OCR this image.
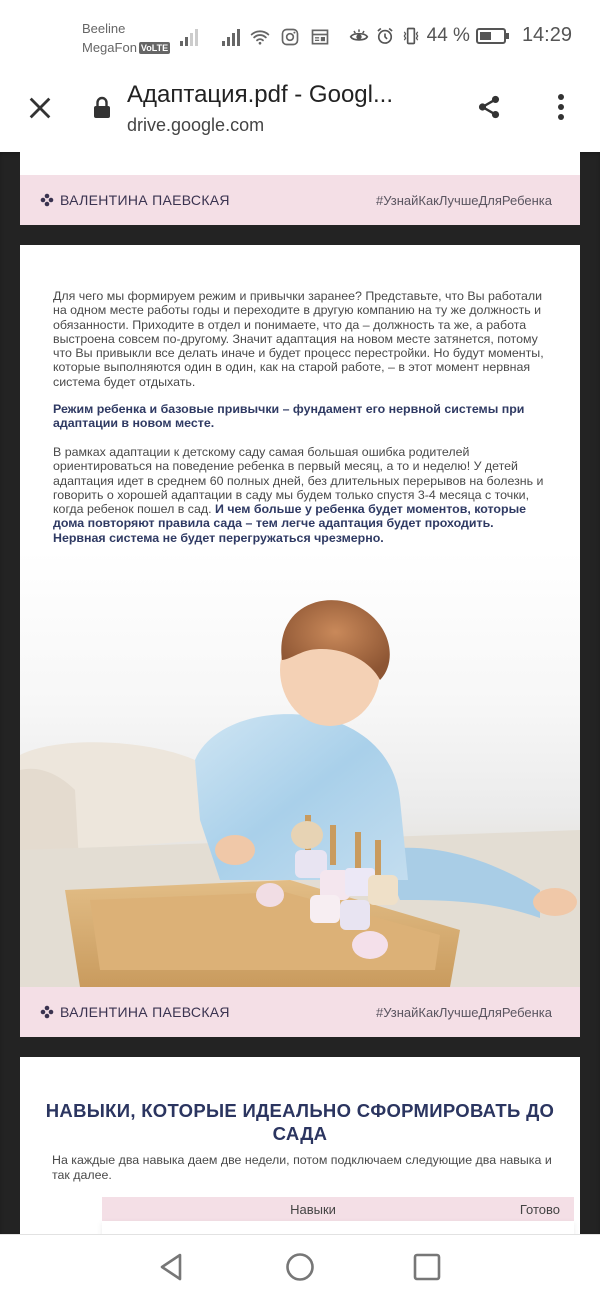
Beeline
MegaFon VoLTE
44 %	14:29
Адаптация.pdf - Googl...
drive.google.com
ВАЛЕНТИНА ПАЕВСКАЯ	#УзнайКакЛучшеДляРебенка

Для чего мы формируем режим и привычки заранее? Представьте, что Вы работали на одном месте работы годы и переходите в другую компанию на ту же должность и обязанности. Приходите в отдел и понимаете, что да – должность та же, а работа выстроена совсем по-другому. Значит адаптация на новом месте затянется, потому что Вы привыкли все делать иначе и будет процесс перестройки. Но будут моменты, которые выполняются один в один, как на старой работе, – в этот момент нервная система будет отдыхать.

Режим ребенка и базовые привычки – фундамент его нервной системы при адаптации в новом месте.

В рамках адаптации к детскому саду самая большая ошибка родителей ориентироваться на поведение ребенка в первый месяц, а то и неделю! У детей адаптация идет в среднем 60 полных дней, без длительных перерывов на болезнь и говорить о хорошей адаптации в саду мы будем только спустя 3-4 месяца с точки, когда ребенок пошел в сад. И чем больше у ребенка будет моментов, которые дома повторяют правила сада – тем легче адаптация будет проходить. Нервная система не будет перегружаться чрезмерно.

ВАЛЕНТИНА ПАЕВСКАЯ	#УзнайКакЛучшеДляРебенка
НАВЫКИ, КОТОРЫЕ ИДЕАЛЬНО СФОРМИРОВАТЬ ДО САДА

На каждые два навыка даем две недели, потом подключаем следующие два навыка и так далее.

Навыки	Готово
